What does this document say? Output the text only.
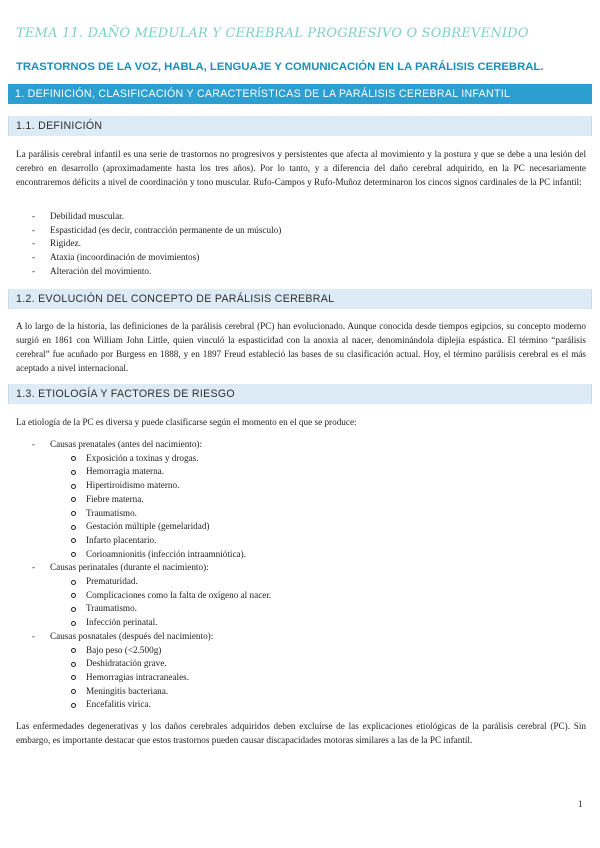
TEMA 11. DAÑO MEDULAR Y CEREBRAL PROGRESIVO O SOBREVENIDO
TRASTORNOS DE LA VOZ, HABLA, LENGUAJE Y COMUNICACIÓN EN LA PARÁLISIS CEREBRAL.
1. DEFINICIÓN, CLASIFICACIÓN Y CARACTERÍSTICAS DE LA PARÁLISIS CEREBRAL INFANTIL
1.1. DEFINICIÓN
La parálisis cerebral infantil es una serie de trastornos no progresivos y persistentes que afecta al movimiento y la postura y que se debe a una lesión del cerebro en desarrollo (aproximadamente hasta los tres años). Por lo tanto, y a diferencia del daño cerebral adquirido, en la PC necesariamente encontraremos déficits a nivel de coordinación y tono muscular. Rufo-Campos y Rufo-Muñoz determinaron los cincos signos cardinales de la PC infantil:
- Debilidad muscular.
- Espasticidad (es decir, contracción permanente de un músculo)
- Rigidez.
- Ataxia (incoordinación de movimientos)
- Alteración del movimiento.
1.2. EVOLUCIÓN DEL CONCEPTO DE PARÁLISIS CEREBRAL
A lo largo de la historia, las definiciones de la parálisis cerebral (PC) han evolucionado. Aunque conocida desde tiempos egipcios, su concepto moderno surgió en 1861 con William John Little, quien vinculó la espasticidad con la anoxia al nacer, denominándola diplejía espástica. El término “parálisis cerebral” fue acuñado por Burgess en 1888, y en 1897 Freud estableció las bases de su clasificación actual. Hoy, el término parálisis cerebral es el más aceptado a nivel internacional.
1.3. ETIOLOGÍA Y FACTORES DE RIESGO
La etiología de la PC es diversa y puede clasificarse según el momento en el que se produce:
- Causas prenatales (antes del nacimiento):
Exposición a toxinas y drogas.
Hemorragia materna.
Hipertiroidismo materno.
Fiebre materna.
Traumatismo.
Gestación múltiple (gemelaridad)
Infarto placentario.
Corioamnionitis (infección intraamniótica).
- Causas perinatales (durante el nacimiento):
Prematuridad.
Complicaciones como la falta de oxígeno al nacer.
Traumatismo.
Infección perinatal.
- Causas posnatales (después del nacimiento):
Bajo peso (<2.500g)
Deshidratación grave.
Hemorragias intracraneales.
Meningitis bacteriana.
Encefalitis vírica.
Las enfermedades degenerativas y los daños cerebrales adquiridos deben excluirse de las explicaciones etiológicas de la parálisis cerebral (PC). Sin embargo, es importante destacar que estos trastornos pueden causar discapacidades motoras similares a las de la PC infantil.
1
